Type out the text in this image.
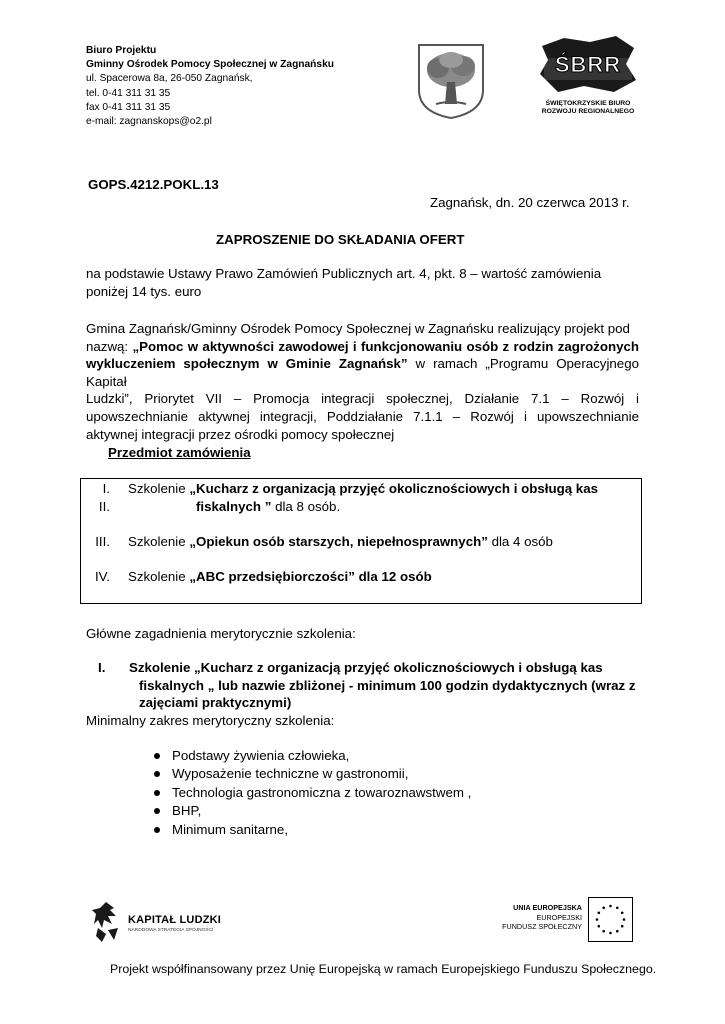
Biuro Projektu
Gminny Ośrodek Pomocy Społecznej w Zagnańsku
ul. Spacerowa 8a, 26-050 Zagnańsk,
tel. 0-41 311 31 35
fax 0-41 311 31 35
e-mail: zagnanskops@o2.pl
ŚBRR
ŚWIĘTOKRZYSKIE BIURO
ROZWOJU REGIONALNEGO
GOPS.4212.POKL.13
Zagnańsk, dn. 20 czerwca 2013 r.
ZAPROSZENIE DO SKŁADANIA OFERT
na podstawie Ustawy Prawo Zamówień Publicznych art. 4, pkt. 8 – wartość zamówienia
poniżej 14 tys. euro
Gmina Zagnańsk/Gminny Ośrodek Pomocy Społecznej w Zagnańsku realizujący projekt pod
nazwą: „Pomoc w aktywności zawodowej i funkcjonowaniu osób z rodzin zagrożonych
wykluczeniem społecznym w Gminie Zagnańsk” w ramach „Programu Operacyjnego Kapitał
Ludzki”, Priorytet VII – Promocja integracji społecznej, Działanie 7.1 – Rozwój i
upowszechnianie aktywnej integracji, Poddziałanie 7.1.1 – Rozwój i upowszechnianie
aktywnej integracji przez ośrodki pomocy społecznej
Przedmiot zamówienia
I. Szkolenie „Kucharz z organizacją przyjęć okolicznościowych i obsługą kas
II.	fiskalnych ” dla 8 osób.
III. Szkolenie „Opiekun osób starszych, niepełnosprawnych” dla 4 osób
IV. Szkolenie „ABC przedsiębiorczości” dla 12 osób
Główne zagadnienia merytorycznie szkolenia:
I. Szkolenie „Kucharz z organizacją przyjęć okolicznościowych i obsługą kas
fiskalnych „ lub nazwie zbliżonej - minimum 100 godzin dydaktycznych (wraz z
zajęciami praktycznymi)
Minimalny zakres merytoryczny szkolenia:
Podstawy żywienia człowieka,
Wyposażenie techniczne w gastronomii,
Technologia gastronomiczna z towaroznawstwem ,
BHP,
Minimum sanitarne,
KAPITAŁ LUDZKI
NARODOWA STRATEGIA SPÓJNOŚCI
UNIA EUROPEJSKA
EUROPEJSKI
FUNDUSZ SPOŁECZNY
Projekt współfinansowany przez Unię Europejską w ramach Europejskiego Funduszu Społecznego.
